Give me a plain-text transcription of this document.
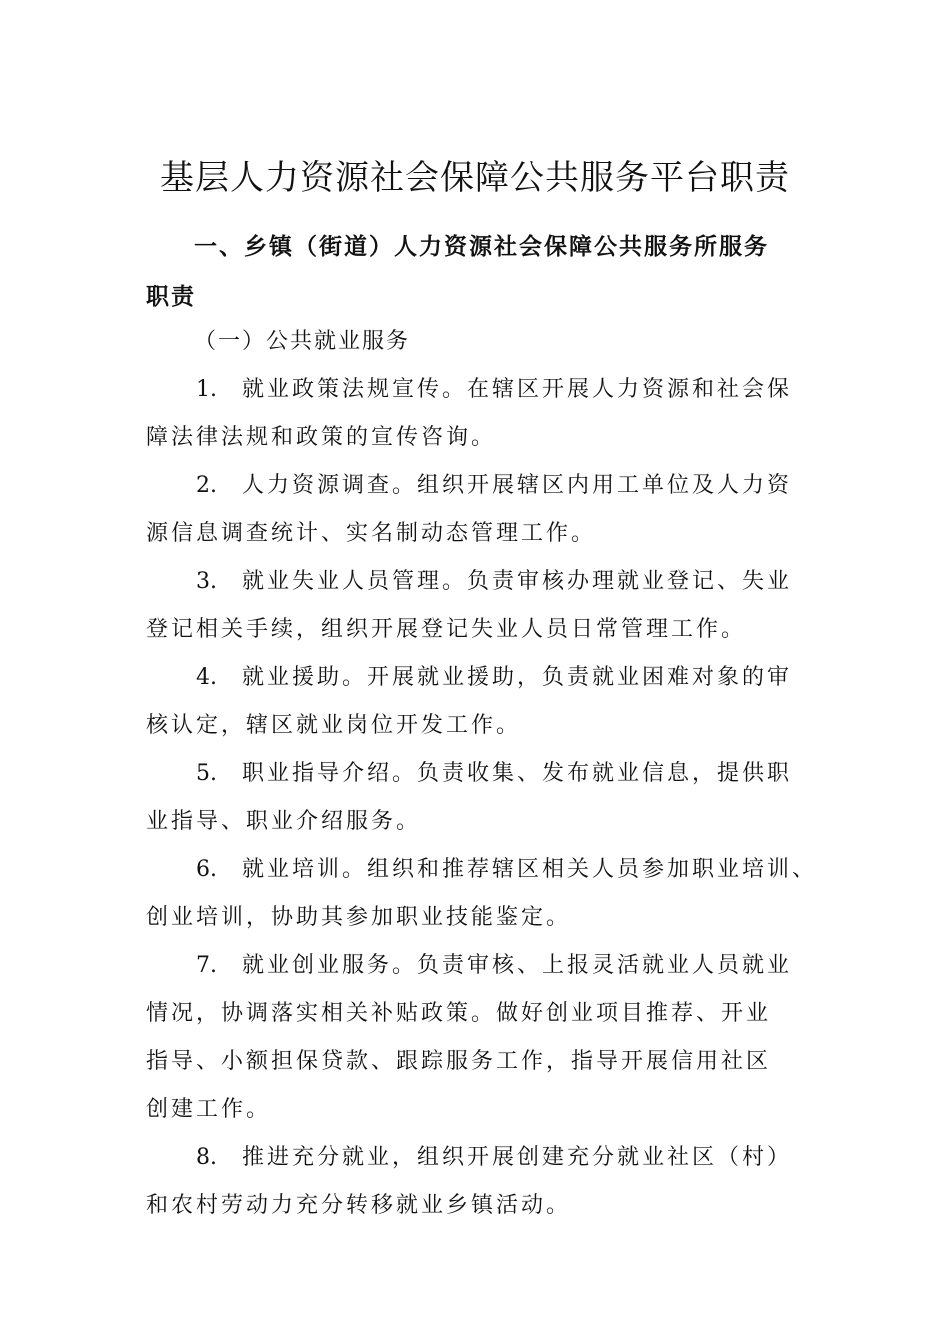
基层人力资源社会保障公共服务平台职责
一、乡镇（街道）人力资源社会保障公共服务所服务
职责
（一）公共就业服务
1. 就业政策法规宣传。在辖区开展人力资源和社会保
障法律法规和政策的宣传咨询。
2. 人力资源调查。组织开展辖区内用工单位及人力资
源信息调查统计、实名制动态管理工作。
3. 就业失业人员管理。负责审核办理就业登记、失业
登记相关手续，组织开展登记失业人员日常管理工作。
4. 就业援助。开展就业援助，负责就业困难对象的审
核认定，辖区就业岗位开发工作。
5. 职业指导介绍。负责收集、发布就业信息，提供职
业指导、职业介绍服务。
6. 就业培训。组织和推荐辖区相关人员参加职业培训、
创业培训，协助其参加职业技能鉴定。
7. 就业创业服务。负责审核、上报灵活就业人员就业
情况，协调落实相关补贴政策。做好创业项目推荐、开业
指导、小额担保贷款、跟踪服务工作，指导开展信用社区
创建工作。
8. 推进充分就业，组织开展创建充分就业社区（村）
和农村劳动力充分转移就业乡镇活动。
